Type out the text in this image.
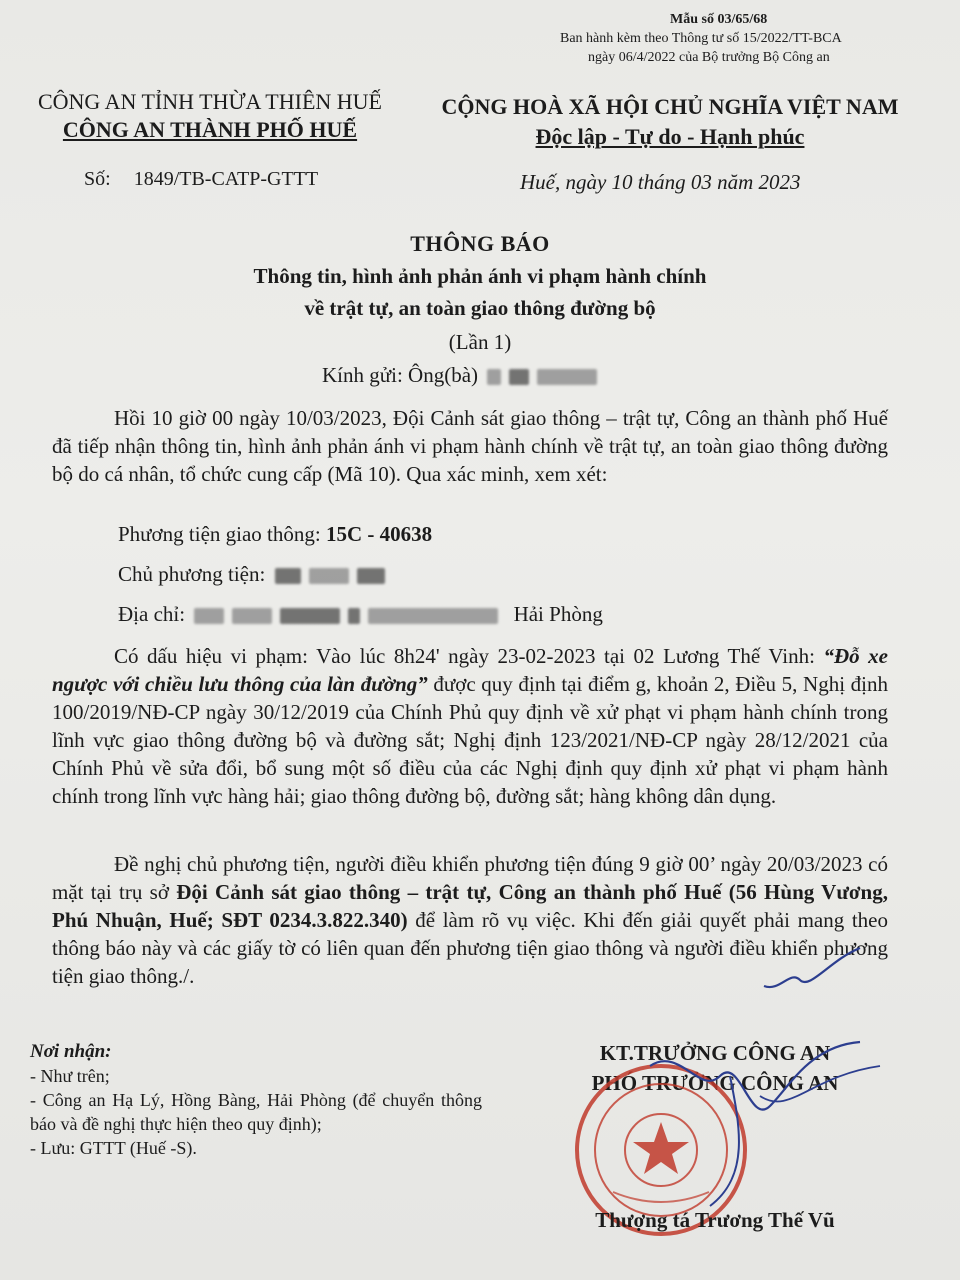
Mẫu số 03/65/68
Ban hành kèm theo Thông tư số 15/2022/TT-BCA
ngày 06/4/2022 của Bộ trưởng Bộ Công an
CÔNG AN TỈNH THỪA THIÊN HUẾ
CÔNG AN THÀNH PHỐ HUẾ
CỘNG HOÀ XÃ HỘI CHỦ NGHĨA VIỆT NAM
Độc lập - Tự do - Hạnh phúc
Số: 1849/TB-CATP-GTTT	Huế, ngày 10 tháng 03 năm 2023
THÔNG BÁO
Thông tin, hình ảnh phản ánh vi phạm hành chính
về trật tự, an toàn giao thông đường bộ
(Lần 1)
Kính gửi: Ông(bà)
Hồi 10 giờ 00 ngày 10/03/2023, Đội Cảnh sát giao thông – trật tự, Công an thành phố Huế đã tiếp nhận thông tin, hình ảnh phản ánh vi phạm hành chính về trật tự, an toàn giao thông đường bộ do cá nhân, tổ chức cung cấp (Mã 10). Qua xác minh, xem xét:
Phương tiện giao thông: 15C - 40638
Chủ phương tiện:
Địa chỉ:	Hải Phòng
Có dấu hiệu vi phạm: Vào lúc 8h24' ngày 23-02-2023 tại 02 Lương Thế Vinh: “Đỗ xe ngược với chiều lưu thông của làn đường” được quy định tại điểm g, khoản 2, Điều 5, Nghị định 100/2019/NĐ-CP ngày 30/12/2019 của Chính Phủ quy định về xử phạt vi phạm hành chính trong lĩnh vực giao thông đường bộ và đường sắt; Nghị định 123/2021/NĐ-CP ngày 28/12/2021 của Chính Phủ về sửa đổi, bổ sung một số điều của các Nghị định quy định xử phạt vi phạm hành chính trong lĩnh vực hàng hải; giao thông đường bộ, đường sắt; hàng không dân dụng.
Đề nghị chủ phương tiện, người điều khiển phương tiện đúng 9 giờ 00’ ngày 20/03/2023 có mặt tại trụ sở Đội Cảnh sát giao thông – trật tự, Công an thành phố Huế (56 Hùng Vương, Phú Nhuận, Huế; SĐT 0234.3.822.340) để làm rõ vụ việc. Khi đến giải quyết phải mang theo thông báo này và các giấy tờ có liên quan đến phương tiện giao thông và người điều khiển phương tiện giao thông./.
Nơi nhận:
- Như trên;
- Công an Hạ Lý, Hồng Bàng, Hải Phòng (để chuyển thông báo và đề nghị thực hiện theo quy định);
- Lưu: GTTT (Huế -S).
KT.TRƯỞNG CÔNG AN
PHÓ TRƯỞNG CÔNG AN
Thượng tá Trương Thế Vũ
